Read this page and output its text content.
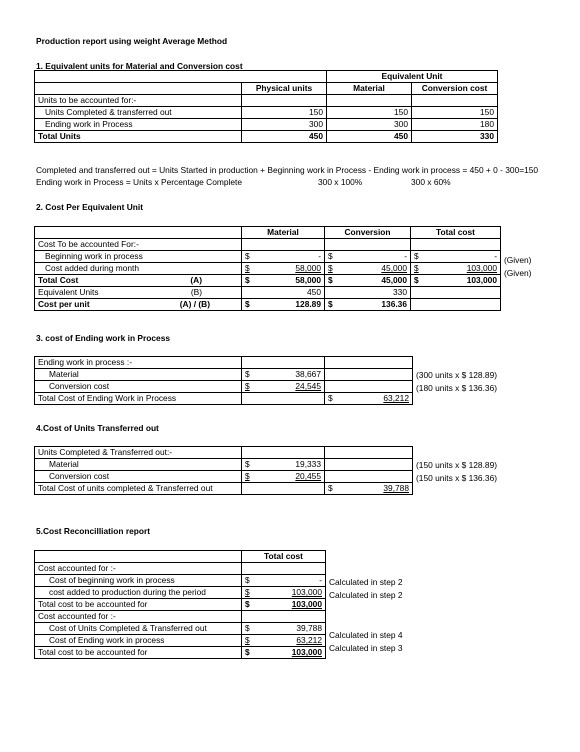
Production report using weight Average Method
1. Equivalent units for Material and Conversion cost
		Equivalent Unit	
	Physical units	Material	Conversion cost
Units to be accounted for:-			
Units Completed & transferred out	150	150	150
Ending work in Process	300	300	180
Total Units	450	450	330
Completed and transferred out = Units Started in production + Beginning work in Process - Ending work in process = 450 + 0 - 300=150
Ending work in Process = Units x Percentage Complete	300 x 100%	300 x 60%
2. Cost Per Equivalent Unit
	Material	Conversion	Total cost
Cost To be accounted For:-			
Beginning work in process	$ -	$ -	$ -

Cost added during month	$ 58,000	$ 45,000	$ 103,000

Total Cost (A)	$ 58,000	$ 45,000	$ 103,000

Equivalent Units (B)	450	330	
Cost per unit (A) / (B)	$ 128.89	$ 136.36	

(Given)
(Given)
3. cost of Ending work in Process
Ending work in process :-		
Material	$ 38,667	

Conversion cost	$ 24,545	

Total Cost of Ending Work in Process		$ 63,212
(300 units x $ 128.89)
(180 units x $ 136.36)
4.Cost of Units Transferred out
Units Completed & Transferred out:-		
Material	$ 19,333	

Conversion cost	$ 20,455	

Total Cost of units completed & Transferred out		$ 39,788
(150 units x $ 128.89)
(150 units x $ 136.36)
5.Cost Reconcilliation report
	Total cost
Cost accounted for :-	
Cost of beginning work in process	$ -

cost added to production during the period	$ 103,000

Total cost to be accounted for	$ 103,000

Cost accounted for :-	
Cost of Units Completed & Transferred out	$ 39,788

Cost of Ending work in process	$ 63,212

Total cost to be accounted for	$ 103,000
Calculated in step 2
Calculated in step 2
Calculated in step 4
Calculated in step 3
